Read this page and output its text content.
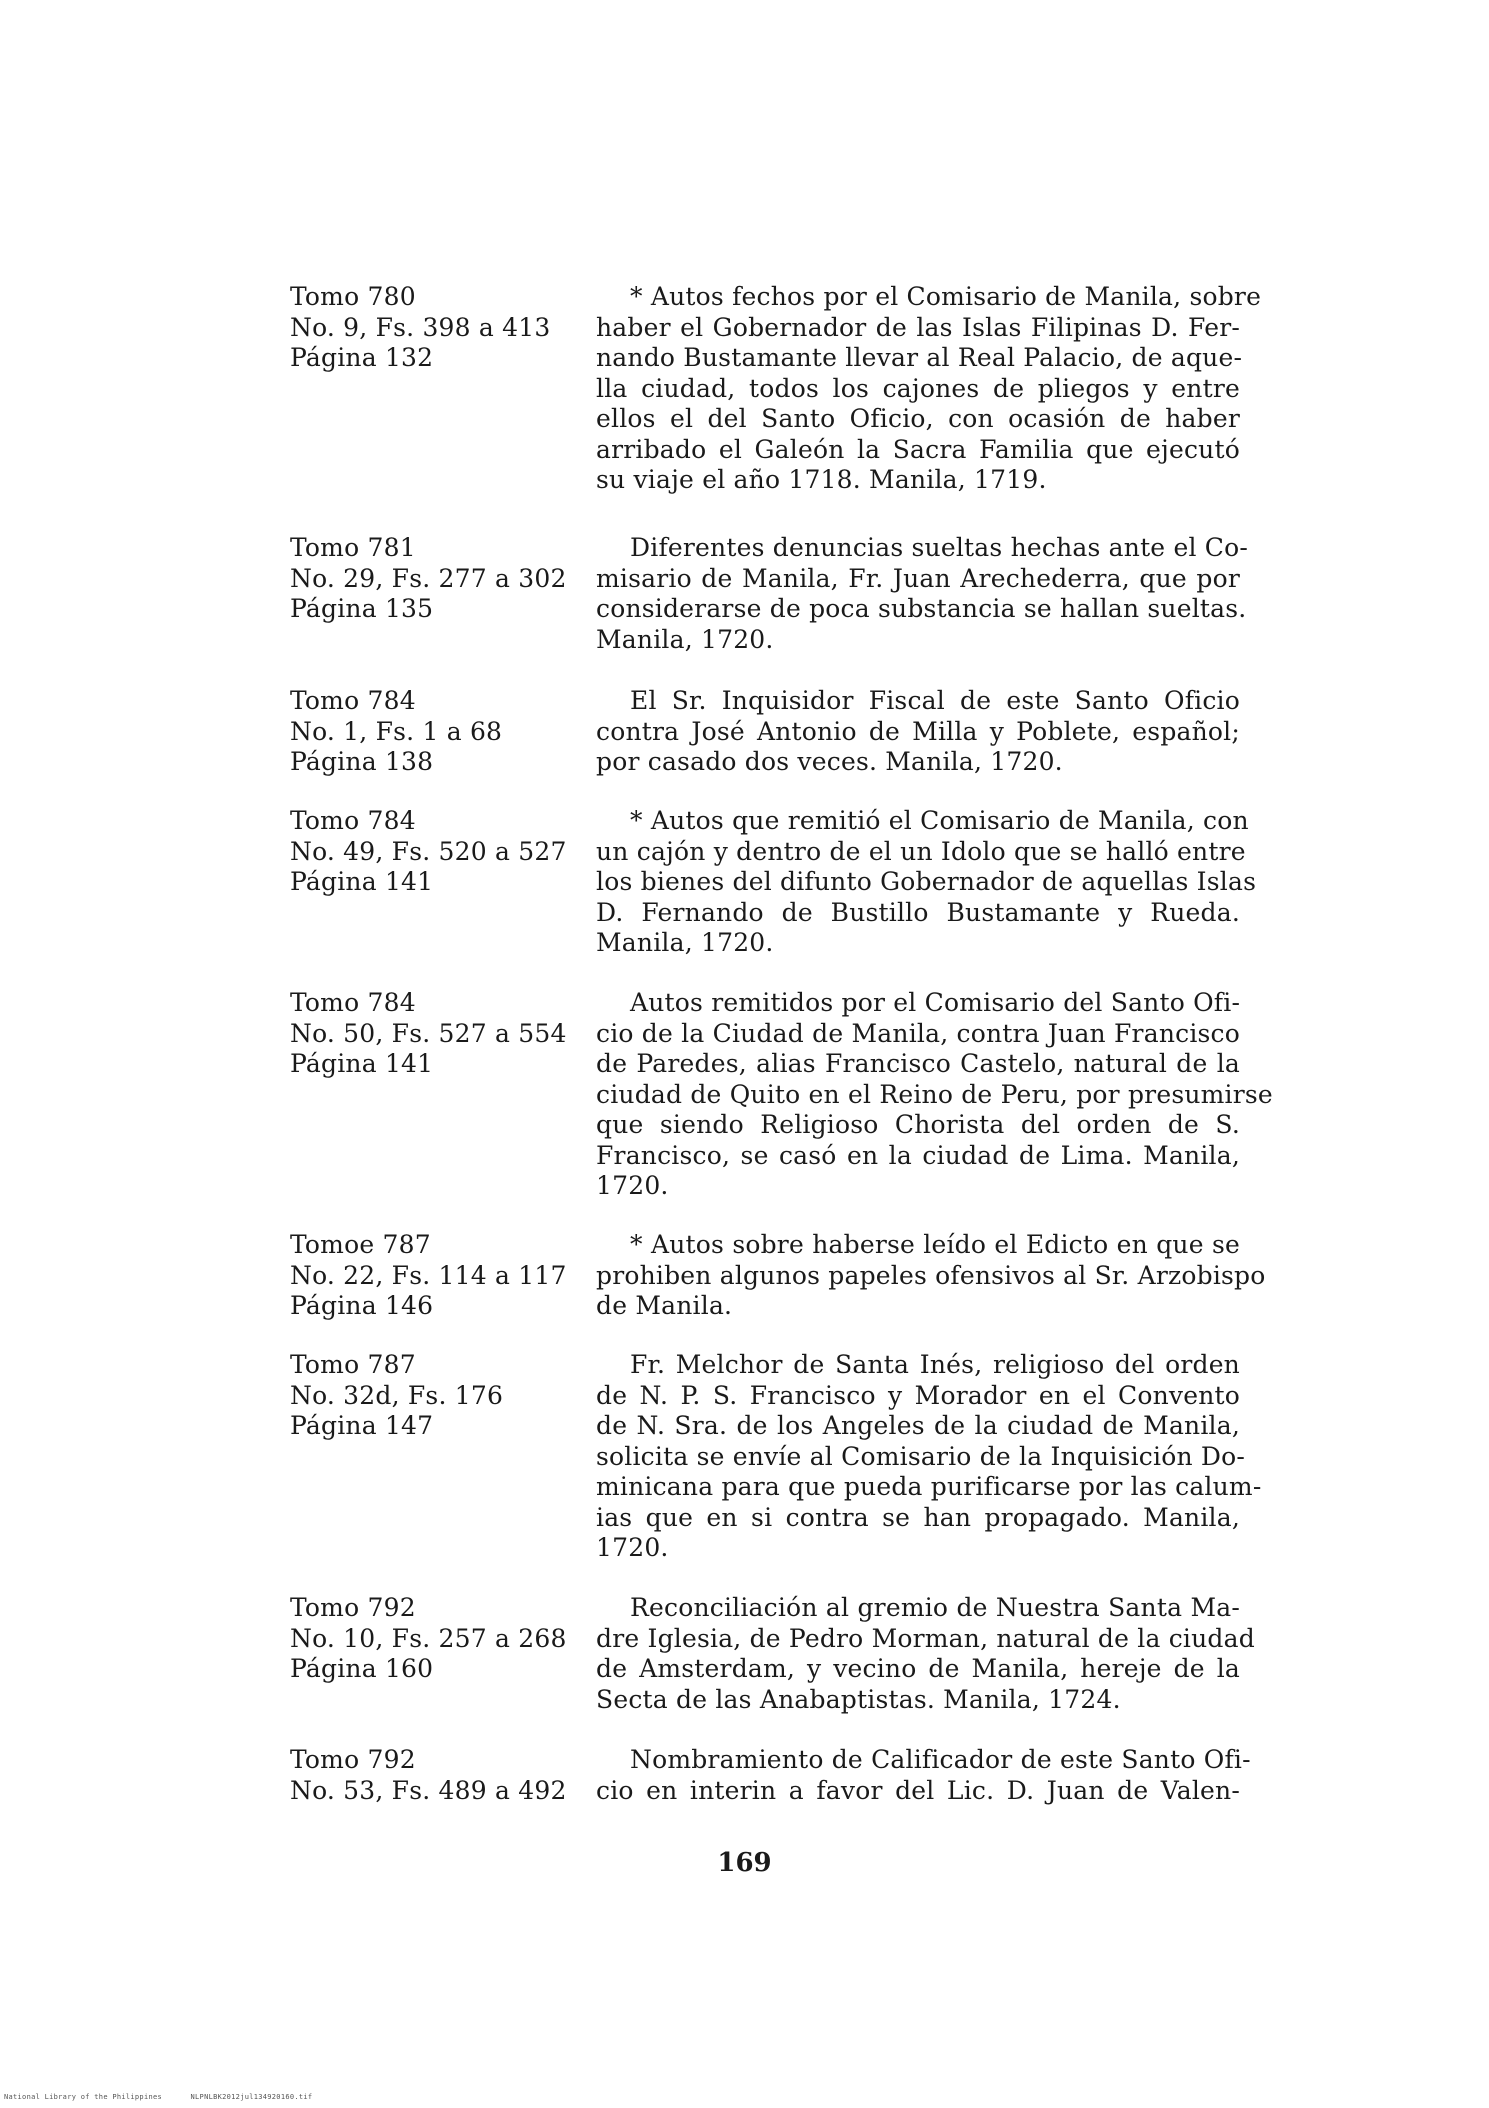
Tomo 780
No. 9, Fs. 398 a 413
Página 132
* Autos fechos por el Comisario de Manila, sobre
haber el Gobernador de las Islas Filipinas D. Fer-
nando Bustamante llevar al Real Palacio, de aque-
lla ciudad, todos los cajones de pliegos y entre
ellos el del Santo Oficio, con ocasión de haber
arribado el Galeón la Sacra Familia que ejecutó
su viaje el año 1718. Manila, 1719.
Tomo 781
No. 29, Fs. 277 a 302
Página 135
Diferentes denuncias sueltas hechas ante el Co-
misario de Manila, Fr. Juan Arechederra, que por
considerarse de poca substancia se hallan sueltas.
Manila, 1720.
Tomo 784
No. 1, Fs. 1 a 68
Página 138
El Sr. Inquisidor Fiscal de este Santo Oficio
contra José Antonio de Milla y Poblete, español;
por casado dos veces. Manila, 1720.
Tomo 784
No. 49, Fs. 520 a 527
Página 141
* Autos que remitió el Comisario de Manila, con
un cajón y dentro de el un Idolo que se halló entre
los bienes del difunto Gobernador de aquellas Islas
D. Fernando de Bustillo Bustamante y Rueda.
Manila, 1720.
Tomo 784
No. 50, Fs. 527 a 554
Página 141
Autos remitidos por el Comisario del Santo Ofi-
cio de la Ciudad de Manila, contra Juan Francisco
de Paredes, alias Francisco Castelo, natural de la
ciudad de Quito en el Reino de Peru, por presumirse
que siendo Religioso Chorista del orden de S.
Francisco, se casó en la ciudad de Lima. Manila,
1720.
Tomoe 787
No. 22, Fs. 114 a 117
Página 146
* Autos sobre haberse leído el Edicto en que se
prohiben algunos papeles ofensivos al Sr. Arzobispo
de Manila.
Tomo 787
No. 32d, Fs. 176
Página 147
Fr. Melchor de Santa Inés, religioso del orden
de N. P. S. Francisco y Morador en el Convento
de N. Sra. de los Angeles de la ciudad de Manila,
solicita se envíe al Comisario de la Inquisición Do-
minicana para que pueda purificarse por las calum-
ias que en si contra se han propagado. Manila,
1720.
Tomo 792
No. 10, Fs. 257 a 268
Página 160
Reconciliación al gremio de Nuestra Santa Ma-
dre Iglesia, de Pedro Morman, natural de la ciudad
de Amsterdam, y vecino de Manila, hereje de la
Secta de las Anabaptistas. Manila, 1724.
Tomo 792
No. 53, Fs. 489 a 492
Nombramiento de Calificador de este Santo Ofi-
cio en interin a favor del Lic. D. Juan de Valen-
169
National Library of the Philippines	NLPNLBK2012jul134920160.tif
